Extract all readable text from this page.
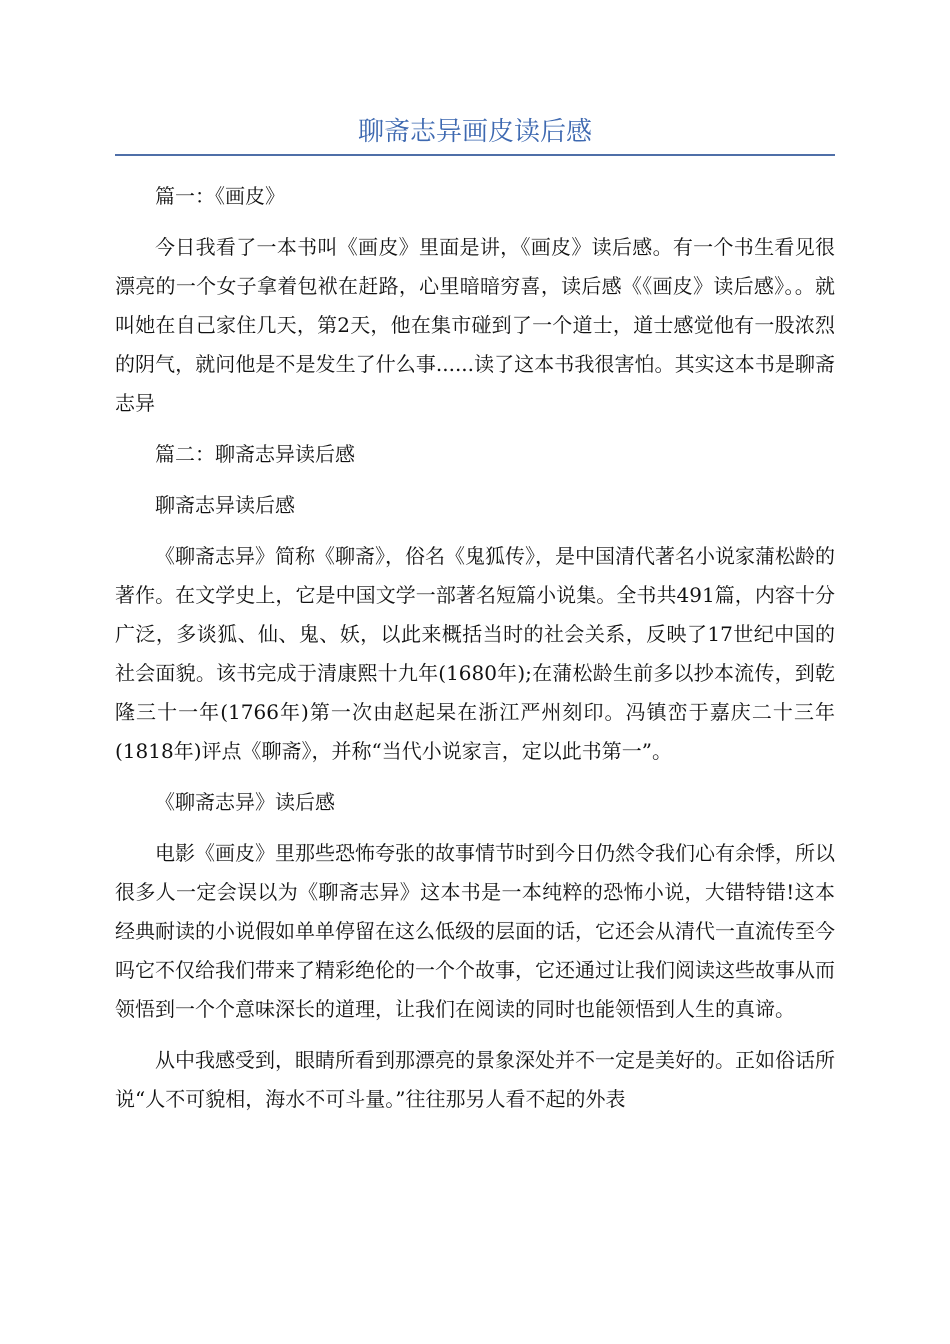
聊斋志异画皮读后感

篇一：《画皮》

今日我看了一本书叫《画皮》里面是讲，《画皮》读后感。有一个书生看见很漂亮的一个女子拿着包袱在赶路，心里暗暗穷喜，读后感《《画皮》读后感》。。就叫她在自己家住几天，第2天，他在集市碰到了一个道士，道士感觉他有一股浓烈的阴气，就问他是不是发生了什么事......读了这本书我很害怕。其实这本书是聊斋志异

篇二：聊斋志异读后感

聊斋志异读后感

《聊斋志异》简称《聊斋》，俗名《鬼狐传》，是中国清代著名小说家蒲松龄的著作。在文学史上，它是中国文学一部著名短篇小说集。全书共491篇，内容十分广泛，多谈狐、仙、鬼、妖，以此来概括当时的社会关系，反映了17世纪中国的社会面貌。该书完成于清康熙十九年(1680年);在蒲松龄生前多以抄本流传，到乾隆三十一年(1766年)第一次由赵起杲在浙江严州刻印。冯镇峦于嘉庆二十三年(1818年)评点《聊斋》，并称“当代小说家言，定以此书第一”。

《聊斋志异》读后感

电影《画皮》里那些恐怖夸张的故事情节时到今日仍然令我们心有余悸，所以很多人一定会误以为《聊斋志异》这本书是一本纯粹的恐怖小说，大错特错!这本经典耐读的小说假如单单停留在这么低级的层面的话，它还会从清代一直流传至今吗它不仅给我们带来了精彩绝伦的一个个故事，它还通过让我们阅读这些故事从而领悟到一个个意味深长的道理，让我们在阅读的同时也能领悟到人生的真谛。

从中我感受到，眼睛所看到那漂亮的景象深处并不一定是美好的。正如俗话所说“人不可貌相，海水不可斗量。”往往那另人看不起的外表
